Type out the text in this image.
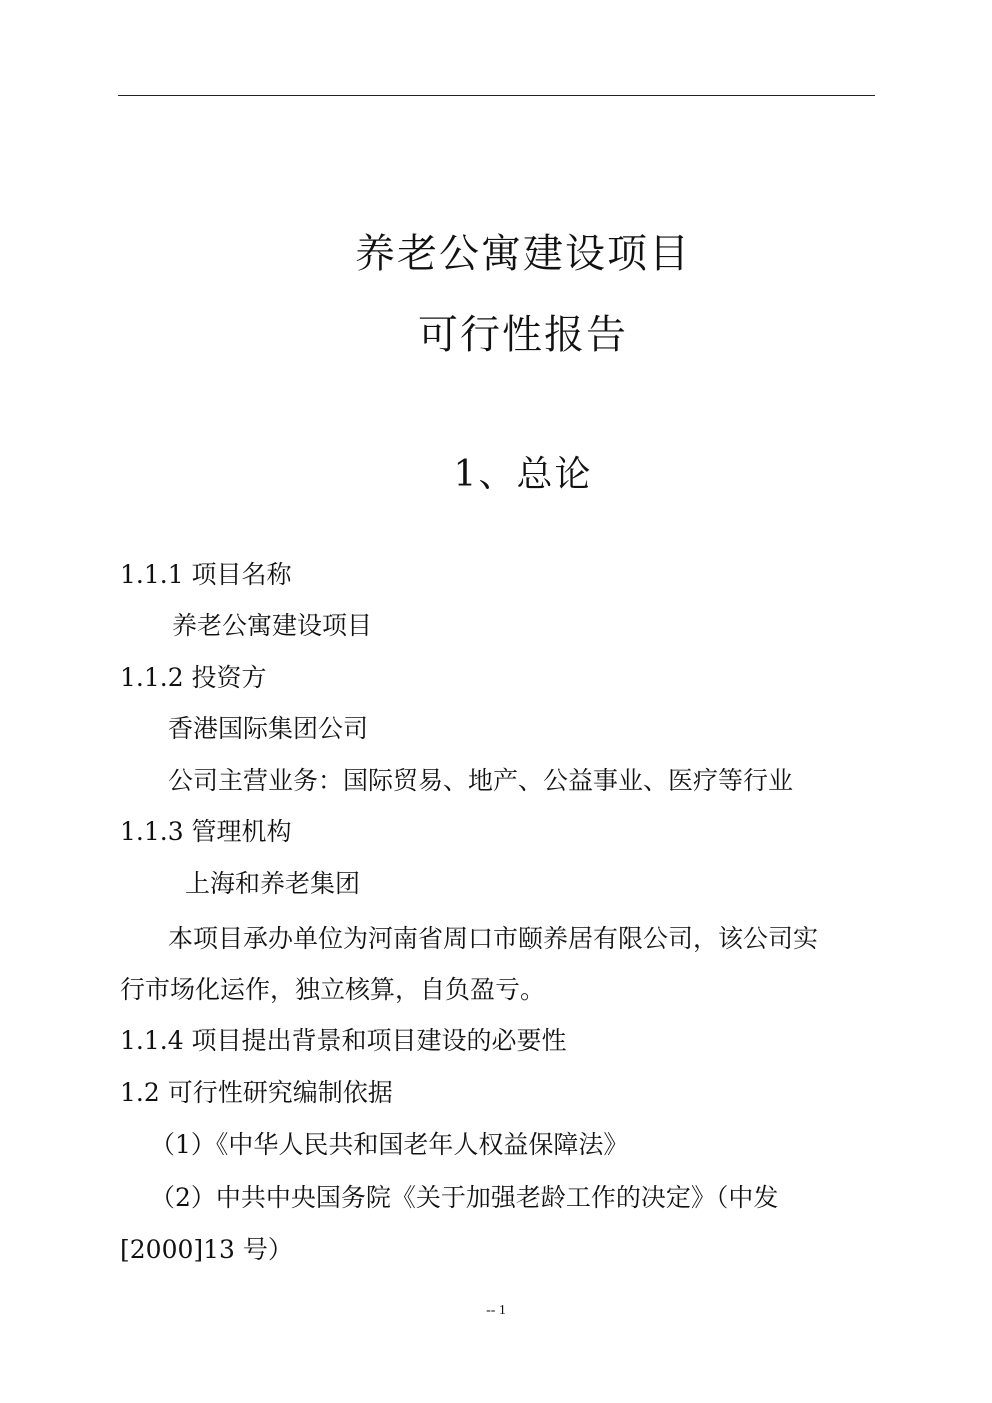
养老公寓建设项目
可行性报告
1、总论
1.1.1 项目名称
养老公寓建设项目
1.1.2 投资方
香港国际集团公司
公司主营业务：国际贸易、地产、公益事业、医疗等行业
1.1.3 管理机构
上海和养老集团
本项目承办单位为河南省周口市颐养居有限公司，该公司实
行市场化运作，独立核算，自负盈亏。
1.1.4 项目提出背景和项目建设的必要性
1.2 可行性研究编制依据
（1）《中华人民共和国老年人权益保障法》
（2）中共中央国务院《关于加强老龄工作的决定》（中发
[2000]13 号）
-- 1
